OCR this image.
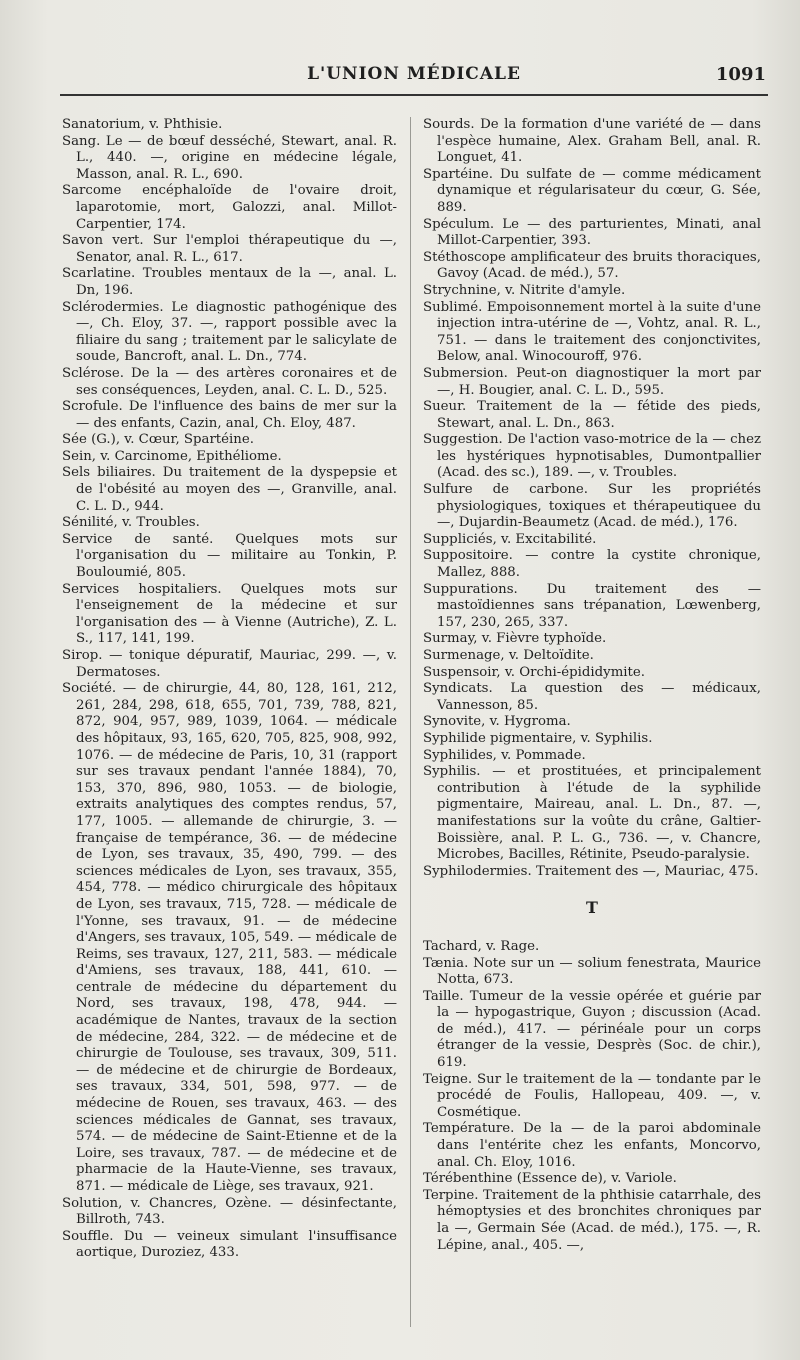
L'UNION MÉDICALE	1091
Sanatorium, v. Phthisie.
Sang. Le — de bœuf desséché, Stewart, anal. R. L., 440. —, origine en médecine légale, Masson, anal. R. L., 690.
Sarcome encéphaloïde de l'ovaire droit, laparotomie, mort, Galozzi, anal. Millot-Carpentier, 174.
Savon vert. Sur l'emploi thérapeutique du —, Senator, anal. R. L., 617.
Scarlatine. Troubles mentaux de la —, anal. L. Dn, 196.
Sclérodermies. Le diagnostic pathogénique des —, Ch. Eloy, 37. —, rapport possible avec la filiaire du sang ; traitement par le salicylate de soude, Bancroft, anal. L. Dn., 774.
Sclérose. De la — des artères coronaires et de ses conséquences, Leyden, anal. C. L. D., 525.
Scrofule. De l'influence des bains de mer sur la — des enfants, Cazin, anal, Ch. Eloy, 487.
Sée (G.), v. Cœur, Spartéine.
Sein, v. Carcinome, Epithéliome.
Sels biliaires. Du traitement de la dyspepsie et de l'obésité au moyen des —, Granville, anal. C. L. D., 944.
Sénilité, v. Troubles.
Service de santé. Quelques mots sur l'organisation du — militaire au Tonkin, P. Bouloumié, 805.
Services hospitaliers. Quelques mots sur l'enseignement de la médecine et sur l'organisation des — à Vienne (Autriche), Z. L. S., 117, 141, 199.
Sirop. — tonique dépuratif, Mauriac, 299. —, v. Dermatoses.
Société. — de chirurgie, 44, 80, 128, 161, 212, 261, 284, 298, 618, 655, 701, 739, 788, 821, 872, 904, 957, 989, 1039, 1064. — médicale des hôpitaux, 93, 165, 620, 705, 825, 908, 992, 1076. — de médecine de Paris, 10, 31 (rapport sur ses travaux pendant l'année 1884), 70, 153, 370, 896, 980, 1053. — de biologie, extraits analytiques des comptes rendus, 57, 177, 1005. — allemande de chirurgie, 3. — française de tempérance, 36. — de médecine de Lyon, ses travaux, 35, 490, 799. — des sciences médicales de Lyon, ses travaux, 355, 454, 778. — médico chirurgicale des hôpitaux de Lyon, ses travaux, 715, 728. — médicale de l'Yonne, ses travaux, 91. — de médecine d'Angers, ses travaux, 105, 549. — médicale de Reims, ses travaux, 127, 211, 583. — médicale d'Amiens, ses travaux, 188, 441, 610. — centrale de médecine du département du Nord, ses travaux, 198, 478, 944. — académique de Nantes, travaux de la section de médecine, 284, 322. — de médecine et de chirurgie de Toulouse, ses travaux, 309, 511. — de médecine et de chirurgie de Bordeaux, ses travaux, 334, 501, 598, 977. — de médecine de Rouen, ses travaux, 463. — des sciences médicales de Gannat, ses travaux, 574. — de médecine de Saint-Etienne et de la Loire, ses travaux, 787. — de médecine et de pharmacie de la Haute-Vienne, ses travaux, 871. — médicale de Liège, ses travaux, 921.
Solution, v. Chancres, Ozène. — désinfectante, Billroth, 743.
Souffle. Du — veineux simulant l'insuffisance aortique, Duroziez, 433.
Sourds. De la formation d'une variété de — dans l'espèce humaine, Alex. Graham Bell, anal. R. Longuet, 41.
Spartéine. Du sulfate de — comme médicament dynamique et régularisateur du cœur, G. Sée, 889.
Spéculum. Le — des parturientes, Minati, anal Millot-Carpentier, 393.
Stéthoscope amplificateur des bruits thoraciques, Gavoy (Acad. de méd.), 57.
Strychnine, v. Nitrite d'amyle.
Sublimé. Empoisonnement mortel à la suite d'une injection intra-utérine de —, Vohtz, anal. R. L., 751. — dans le traitement des conjonctivites, Below, anal. Winocouroff, 976.
Submersion. Peut-on diagnostiquer la mort par —, H. Bougier, anal. C. L. D., 595.
Sueur. Traitement de la — fétide des pieds, Stewart, anal. L. Dn., 863.
Suggestion. De l'action vaso-motrice de la — chez les hystériques hypnotisables, Dumontpallier (Acad. des sc.), 189. —, v. Troubles.
Sulfure de carbone. Sur les propriétés physiologiques, toxiques et thérapeutiquee du —, Dujardin-Beaumetz (Acad. de méd.), 176.
Suppliciés, v. Excitabilité.
Suppositoire. — contre la cystite chronique, Mallez, 888.
Suppurations. Du traitement des — mastoïdiennes sans trépanation, Lœwenberg, 157, 230, 265, 337.
Surmay, v. Fièvre typhoïde.
Surmenage, v. Deltoïdite.
Suspensoir, v. Orchi-épididymite.
Syndicats. La question des — médicaux, Vannesson, 85.
Synovite, v. Hygroma.
Syphilide pigmentaire, v. Syphilis.
Syphilides, v. Pommade.
Syphilis. — et prostituées, et principalement contribution à l'étude de la syphilide pigmentaire, Maireau, anal. L. Dn., 87. —, manifestations sur la voûte du crâne, Galtier-Boissière, anal. P. L. G., 736. —, v. Chancre, Microbes, Bacilles, Rétinite, Pseudo-paralysie.
Syphilodermies. Traitement des —, Mauriac, 475.
T
Tachard, v. Rage.
Tænia. Note sur un — solium fenestrata, Maurice Notta, 673.
Taille. Tumeur de la vessie opérée et guérie par la — hypogastrique, Guyon ; discussion (Acad. de méd.), 417. — périnéale pour un corps étranger de la vessie, Desprès (Soc. de chir.), 619.
Teigne. Sur le traitement de la — tondante par le procédé de Foulis, Hallopeau, 409. —, v. Cosmétique.
Température. De la — de la paroi abdominale dans l'entérite chez les enfants, Moncorvo, anal. Ch. Eloy, 1016.
Térébenthine (Essence de), v. Variole.
Terpine. Traitement de la phthisie catarrhale, des hémoptysies et des bronchites chroniques par la —, Germain Sée (Acad. de méd.), 175. —, R. Lépine, anal., 405. —,
